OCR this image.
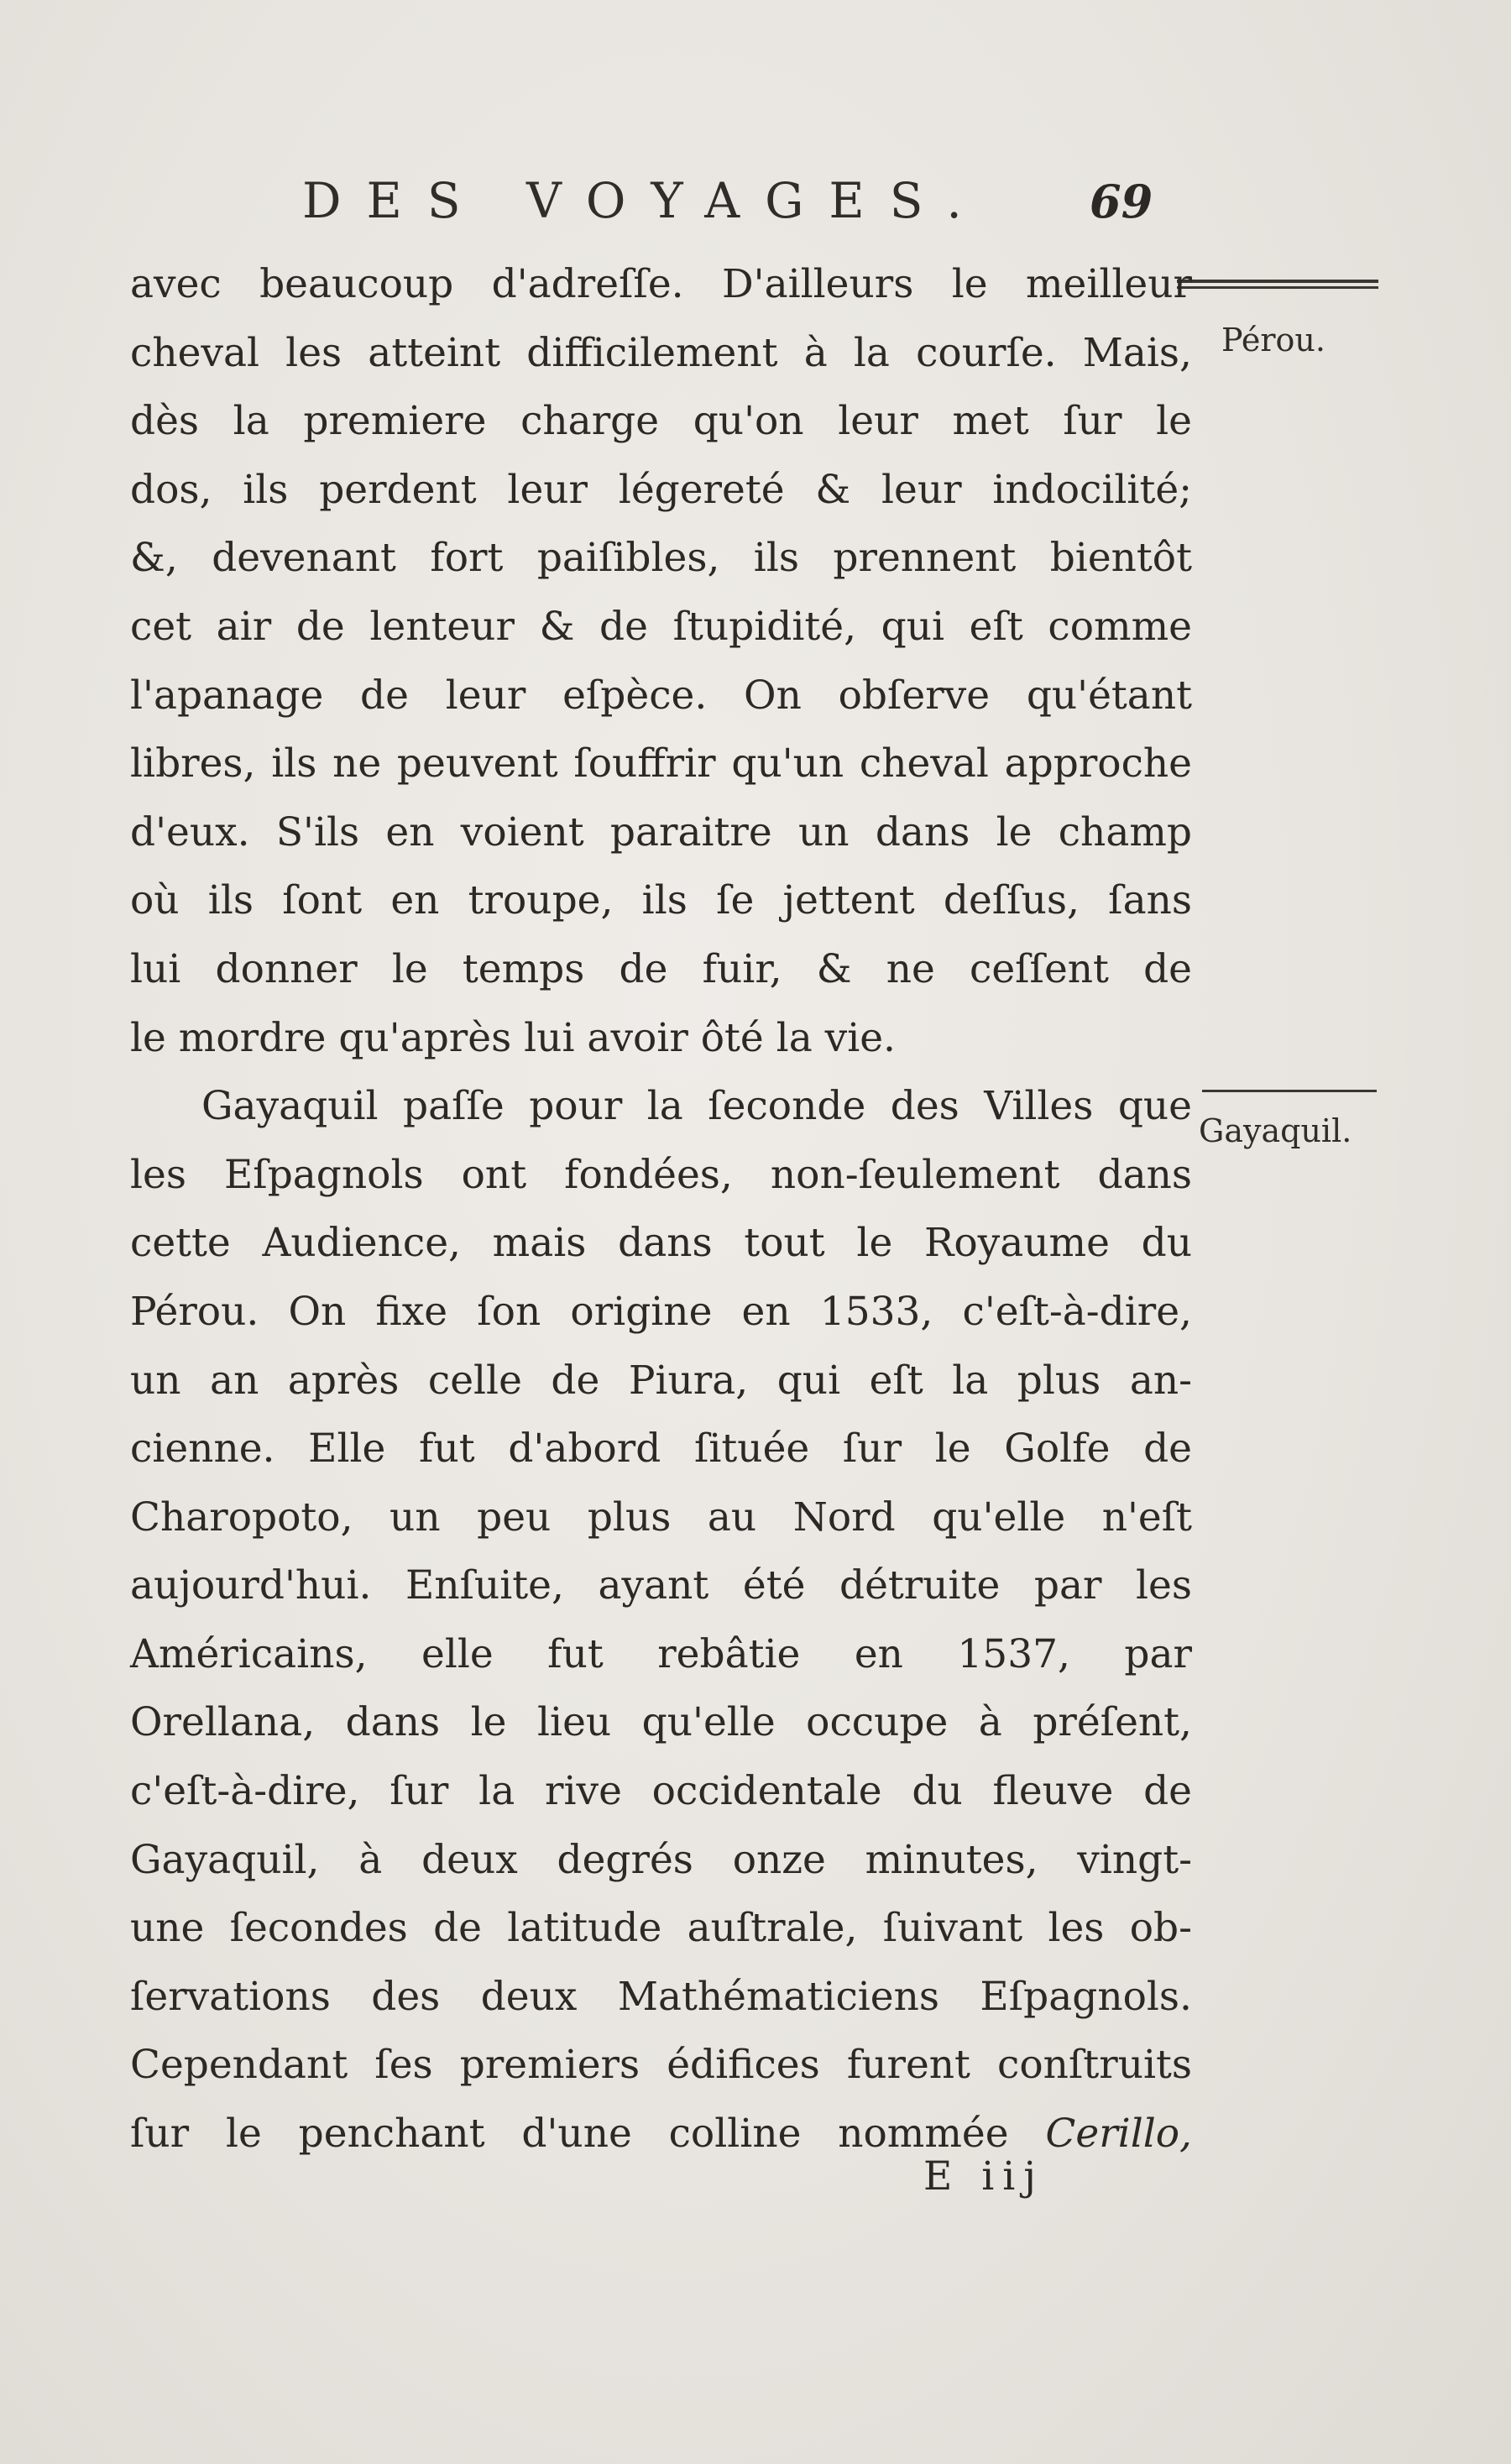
DES VOYAGES.	69
Pérou.
Gayaquil.
avec beaucoup d'adreſſe. D'ailleurs le meilleur
cheval les atteint difficilement à la courſe. Mais,
dès la premiere charge qu'on leur met ſur le
dos, ils perdent leur légereté & leur indocilité;
&, devenant fort paiſibles, ils prennent bientôt
cet air de lenteur & de ſtupidité, qui eſt comme
l'apanage de leur eſpèce. On obſerve qu'étant
libres, ils ne peuvent ſouffrir qu'un cheval approche
d'eux. S'ils en voient paraitre un dans le champ
où ils ſont en troupe, ils ſe jettent deſſus, ſans
lui donner le temps de fuir, & ne ceſſent de
le mordre qu'après lui avoir ôté la vie.
Gayaquil paſſe pour la ſeconde des Villes que
les Eſpagnols ont fondées, non-ſeulement dans
cette Audience, mais dans tout le Royaume du
Pérou. On fixe ſon origine en 1533, c'eſt-à-dire,
un an après celle de Piura, qui eſt la plus an-
cienne. Elle fut d'abord ſituée ſur le Golfe de
Charopoto, un peu plus au Nord qu'elle n'eſt
aujourd'hui. Enſuite, ayant été détruite par les
Américains, elle fut rebâtie en 1537, par
Orellana, dans le lieu qu'elle occupe à préſent,
c'eſt-à-dire, ſur la rive occidentale du fleuve de
Gayaquil, à deux degrés onze minutes, vingt-
une ſecondes de latitude auſtrale, ſuivant les ob-
ſervations des deux Mathématiciens Eſpagnols.
Cependant ſes premiers édifices furent conſtruits
ſur le penchant d'une colline nommée Cerillo,
E iij
